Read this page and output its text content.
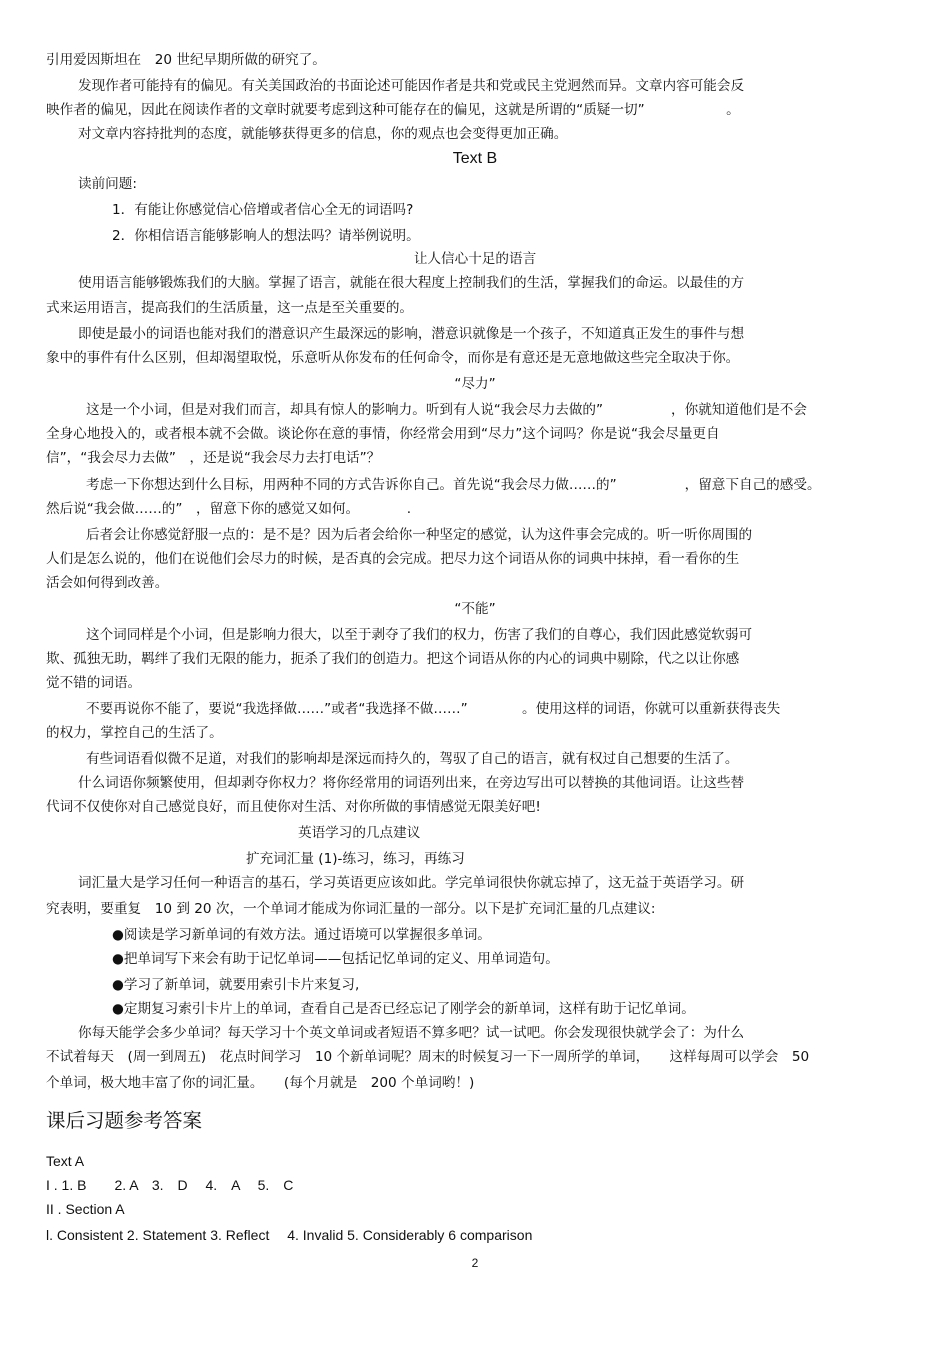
引用爱因斯坦在　20 世纪早期所做的研究了。

发现作者可能持有的偏见。有关美国政治的书面论述可能因作者是共和党或民主党迥然而异。文章内容可能会反

映作者的偏见，因此在阅读作者的文章时就要考虑到这种可能存在的偏见，这就是所谓的“质疑一切”　　　　　　。

对文章内容持批判的态度，就能够获得更多的信息，你的观点也会变得更加正确。

Text B

读前问题:

1．有能让你感觉信心倍增或者信心全无的词语吗?

2．你相信语言能够影响人的想法吗？请举例说明。

让人信心十足的语言

使用语言能够锻炼我们的大脑。掌握了语言，就能在很大程度上控制我们的生活，掌握我们的命运。以最佳的方

式来运用语言，提高我们的生活质量，这一点是至关重要的。

即使是最小的词语也能对我们的潜意识产生最深远的影响，潜意识就像是一个孩子，不知道真正发生的事件与想

象中的事件有什么区别，但却渴望取悦，乐意听从你发布的任何命令，而你是有意还是无意地做这些完全取决于你。

“尽力”

这是一个小词，但是对我们而言，却具有惊人的影响力。听到有人说“我会尽力去做的”　　　　　，你就知道他们是不会

全身心地投入的，或者根本就不会做。谈论你在意的事情，你经常会用到“尽力”这个词吗？你是说“我会尽量更自

信”，“我会尽力去做”　，还是说“我会尽力去打电话”？

考虑一下你想达到什么目标，用两种不同的方式告诉你自己。首先说“我会尽力做……的”　　　　　，留意下自己的感受。

然后说“我会做……的”　，留意下你的感觉又如何。　　　　.

后者会让你感觉舒服一点的：是不是？因为后者会给你一种坚定的感觉，认为这件事会完成的。听一听你周围的

人们是怎么说的，他们在说他们会尽力的时候，是否真的会完成。把尽力这个词语从你的词典中抹掉，看一看你的生

活会如何得到改善。

“不能”

这个词同样是个小词，但是影响力很大，以至于剥夺了我们的权力，伤害了我们的自尊心，我们因此感觉软弱可

欺、孤独无助，羁绊了我们无限的能力，扼杀了我们的创造力。把这个词语从你的内心的词典中剔除，代之以让你感

觉不错的词语。

不要再说你不能了，要说“我选择做……”或者“我选择不做……”　　　　。使用这样的词语，你就可以重新获得丧失

的权力，掌控自己的生活了。

有些词语看似微不足道，对我们的影响却是深远而持久的，驾驭了自己的语言，就有权过自己想要的生活了。

什么词语你频繁使用，但却剥夺你权力？将你经常用的词语列出来，在旁边写出可以替换的其他词语。让这些替

代词不仅使你对自己感觉良好，而且使你对生活、对你所做的事情感觉无限美好吧!

英语学习的几点建议

扩充词汇量 (1)-练习，练习，再练习

词汇量大是学习任何一种语言的基石，学习英语更应该如此。学完单词很快你就忘掉了，这无益于英语学习。研

究表明，要重复　10 到 20 次，一个单词才能成为你词汇量的一部分。以下是扩充词汇量的几点建议:

●阅读是学习新单词的有效方法。通过语境可以掌握很多单词。

●把单词写下来会有助于记忆单词——包括记忆单词的定义、用单词造句。

●学习了新单词，就要用索引卡片来复习,

●定期复习索引卡片上的单词，查看自己是否已经忘记了刚学会的新单词，这样有助于记忆单词。

你每天能学会多少单词？每天学习十个英文单词或者短语不算多吧？试一试吧。你会发现很快就学会了：为什么

不试着每天　(周一到周五)　花点时间学习　10 个新单词呢？周末的时候复习一下一周所学的单词，　　这样每周可以学会　50

个单词，极大地丰富了你的词汇量。　　(每个月就是　200 个单词哟！)

课后习题参考答案

Text A

I . 1. B　　2. A　3.　D　 4.　A　 5.　C

II . Section A

l. Consistent 2. Statement 3. Reflect　 4. Invalid 5. Considerably 6 comparison

2
